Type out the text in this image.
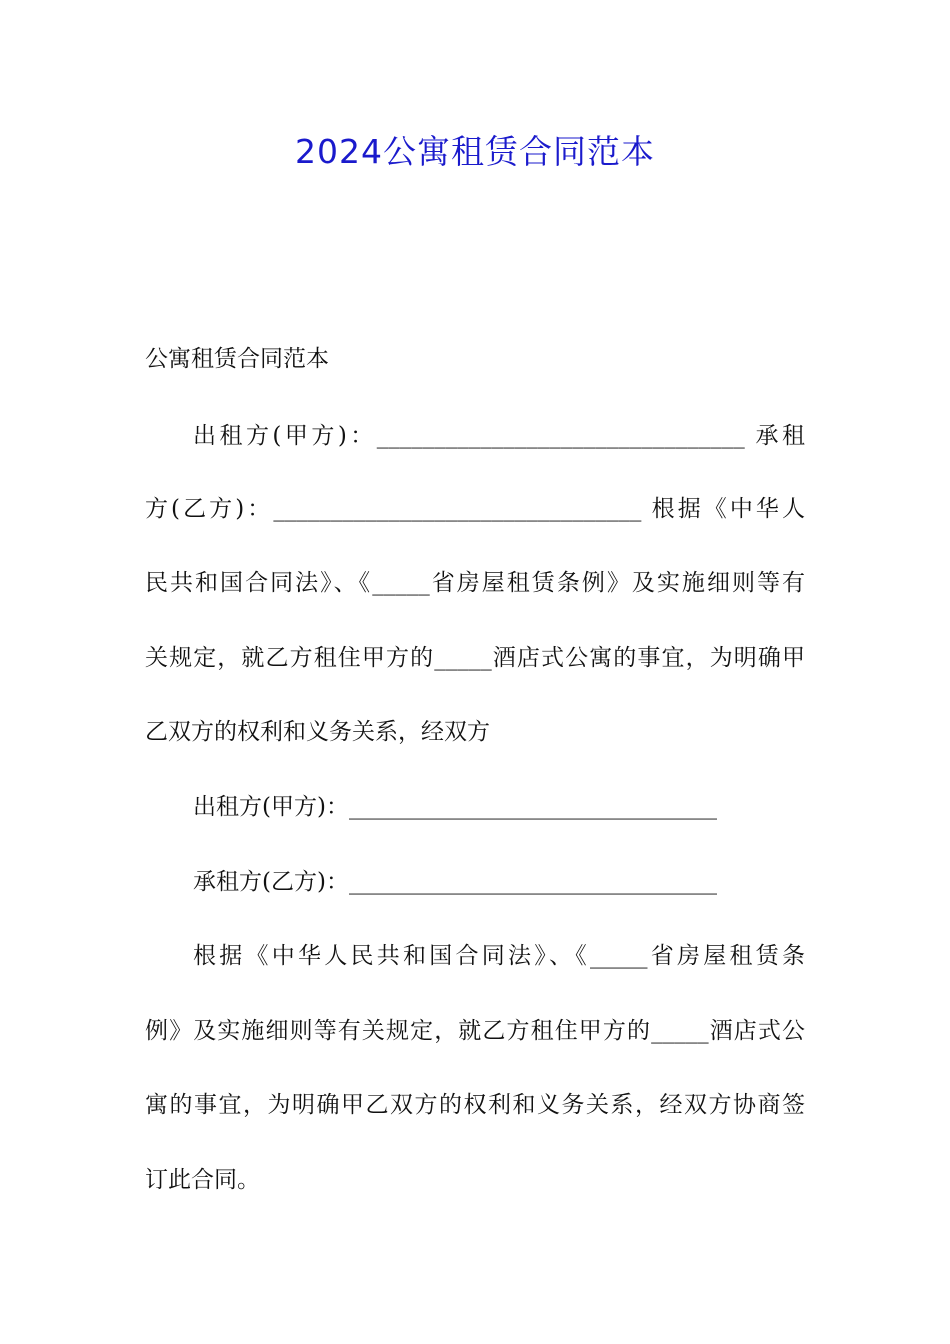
2024公寓租赁合同范本
公寓租赁合同范本
出租方(甲方)：________________________________ 承租
方(乙方)：________________________________ 根据《中华人
民共和国合同法》、《_____省房屋租赁条例》及实施细则等有
关规定，就乙方租住甲方的_____酒店式公寓的事宜，为明确甲
乙双方的权利和义务关系，经双方
出租方(甲方)：________________________________
承租方(乙方)：________________________________
根据《中华人民共和国合同法》、《_____省房屋租赁条
例》及实施细则等有关规定，就乙方租住甲方的_____酒店式公
寓的事宜，为明确甲乙双方的权利和义务关系，经双方协商签
订此合同。
